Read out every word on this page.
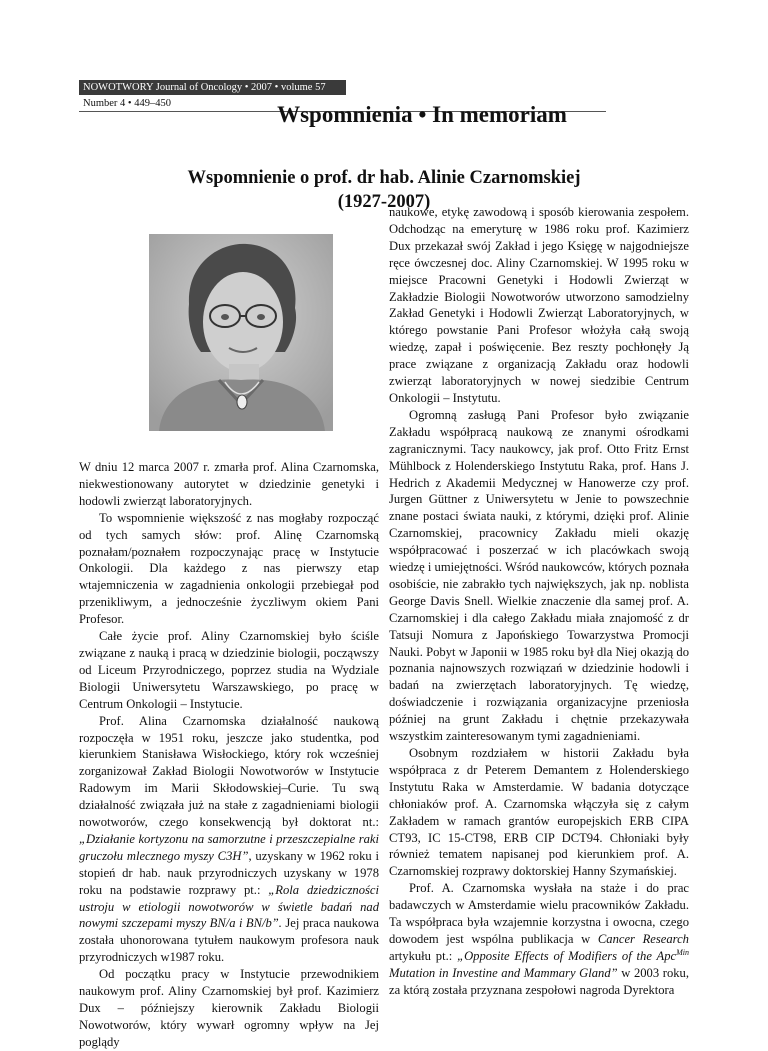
NOWOTWORY Journal of Oncology • 2007 • volume 57
Number 4 • 449–450	Wspomnienia • In memoriam
Wspomnienie o prof. dr hab. Alinie Czarnomskiej
(1927-2007)

W dniu 12 marca 2007 r. zmarła prof. Alina Czarnomska, niekwestionowany autorytet w dziedzinie genetyki i hodowli zwierząt laboratoryjnych.

To wspomnienie większość z nas mogłaby rozpocząć od tych samych słów: prof. Alinę Czarnomską poznałam/poznałem rozpoczynając pracę w Instytucie Onkologii. Dla każdego z nas pierwszy etap wtajemniczenia w zagadnienia onkologii przebiegał pod przenikliwym, a jednocześnie życzliwym okiem Pani Profesor.

Całe życie prof. Aliny Czarnomskiej było ściśle związane z nauką i pracą w dziedzinie biologii, począwszy od Liceum Przyrodniczego, poprzez studia na Wydziale Biologii Uniwersytetu Warszawskiego, po pracę w Centrum Onkologii – Instytucie.

Prof. Alina Czarnomska działalność naukową rozpoczęła w 1951 roku, jeszcze jako studentka, pod kierunkiem Stanisława Wisłockiego, który rok wcześniej zorganizował Zakład Biologii Nowotworów w Instytucie Radowym im Marii Skłodowskiej–Curie. Tu swą działalność związała już na stałe z zagadnieniami biologii nowotworów, czego konsekwencją był doktorat nt.: „Działanie kortyzonu na samorzutne i przeszczepialne raki gruczołu mlecznego myszy C3H”, uzyskany w 1962 roku i stopień dr hab. nauk przyrodniczych uzyskany w 1978 roku na podstawie rozprawy pt.: „Rola dziedziczności ustroju w etiologii nowotworów w świetle badań nad nowymi szczepami myszy BN/a i BN/b”. Jej praca naukowa została uhonorowana tytułem naukowym profesora nauk przyrodniczych w1987 roku.

Od początku pracy w Instytucie przewodnikiem naukowym prof. Aliny Czarnomskiej był prof. Kazimierz Dux – późniejszy kierownik Zakładu Biologii Nowotworów, który wywarł ogromny wpływ na Jej poglądy

naukowe, etykę zawodową i sposób kierowania zespołem. Odchodząc na emeryturę w 1986 roku prof. Kazimierz Dux przekazał swój Zakład i jego Księgę w najgodniejsze ręce ówczesnej doc. Aliny Czarnomskiej. W 1995 roku w miejsce Pracowni Genetyki i Hodowli Zwierząt w Zakładzie Biologii Nowotworów utworzono samodzielny Zakład Genetyki i Hodowli Zwierząt Laboratoryjnych, w którego powstanie Pani Profesor włożyła całą swoją wiedzę, zapał i poświęcenie. Bez reszty pochłonęły Ją prace związane z organizacją Zakładu oraz hodowli zwierząt laboratoryjnych w nowej siedzibie Centrum Onkologii – Instytutu.

Ogromną zasługą Pani Profesor było związanie Zakładu współpracą naukową ze znanymi ośrodkami zagranicznymi. Tacy naukowcy, jak prof. Otto Fritz Ernst Mühlbock z Holenderskiego Instytutu Raka, prof. Hans J. Hedrich z Akademii Medycznej w Hanowerze czy prof. Jurgen Güttner z Uniwersytetu w Jenie to powszechnie znane postaci świata nauki, z którymi, dzięki prof. Alinie Czarnomskiej, pracownicy Zakładu mieli okazję współpracować i poszerzać w ich placówkach swoją wiedzę i umiejętności. Wśród naukowców, których poznała osobiście, nie zabrakło tych największych, jak np. noblista George Davis Snell. Wielkie znaczenie dla samej prof. A. Czarnomskiej i dla całego Zakładu miała znajomość z dr Tatsuji Nomura z Japońskiego Towarzystwa Promocji Nauki. Pobyt w Japonii w 1985 roku był dla Niej okazją do poznania najnowszych rozwiązań w dziedzinie hodowli i badań na zwierzętach laboratoryjnych. Tę wiedzę, doświadczenie i rozwiązania organizacyjne przeniosła później na grunt Zakładu i chętnie przekazywała wszystkim zainteresowanym tymi zagadnieniami.

Osobnym rozdziałem w historii Zakładu była współpraca z dr Peterem Demantem z Holenderskiego Instytutu Raka w Amsterdamie. W badania dotyczące chłoniaków prof. A. Czarnomska włączyła się z całym Zakładem w ramach grantów europejskich ERB CIPA CT93, IC 15-CT98, ERB CIP DCT94. Chłoniaki były również tematem napisanej pod kierunkiem prof. A. Czarnomskiej rozprawy doktorskiej Hanny Szymańskiej.

Prof. A. Czarnomska wysłała na staże i do prac badawczych w Amsterdamie wielu pracowników Zakładu. Ta współpraca była wzajemnie korzystna i owocna, czego dowodem jest wspólna publikacja w Cancer Research artykułu pt.: „Opposite Effects of Modifiers of the Apc$^{Min}$ Mutation in Investine and Mammary Gland” w 2003 roku, za którą została przyznana zespołowi nagroda Dyrektora
